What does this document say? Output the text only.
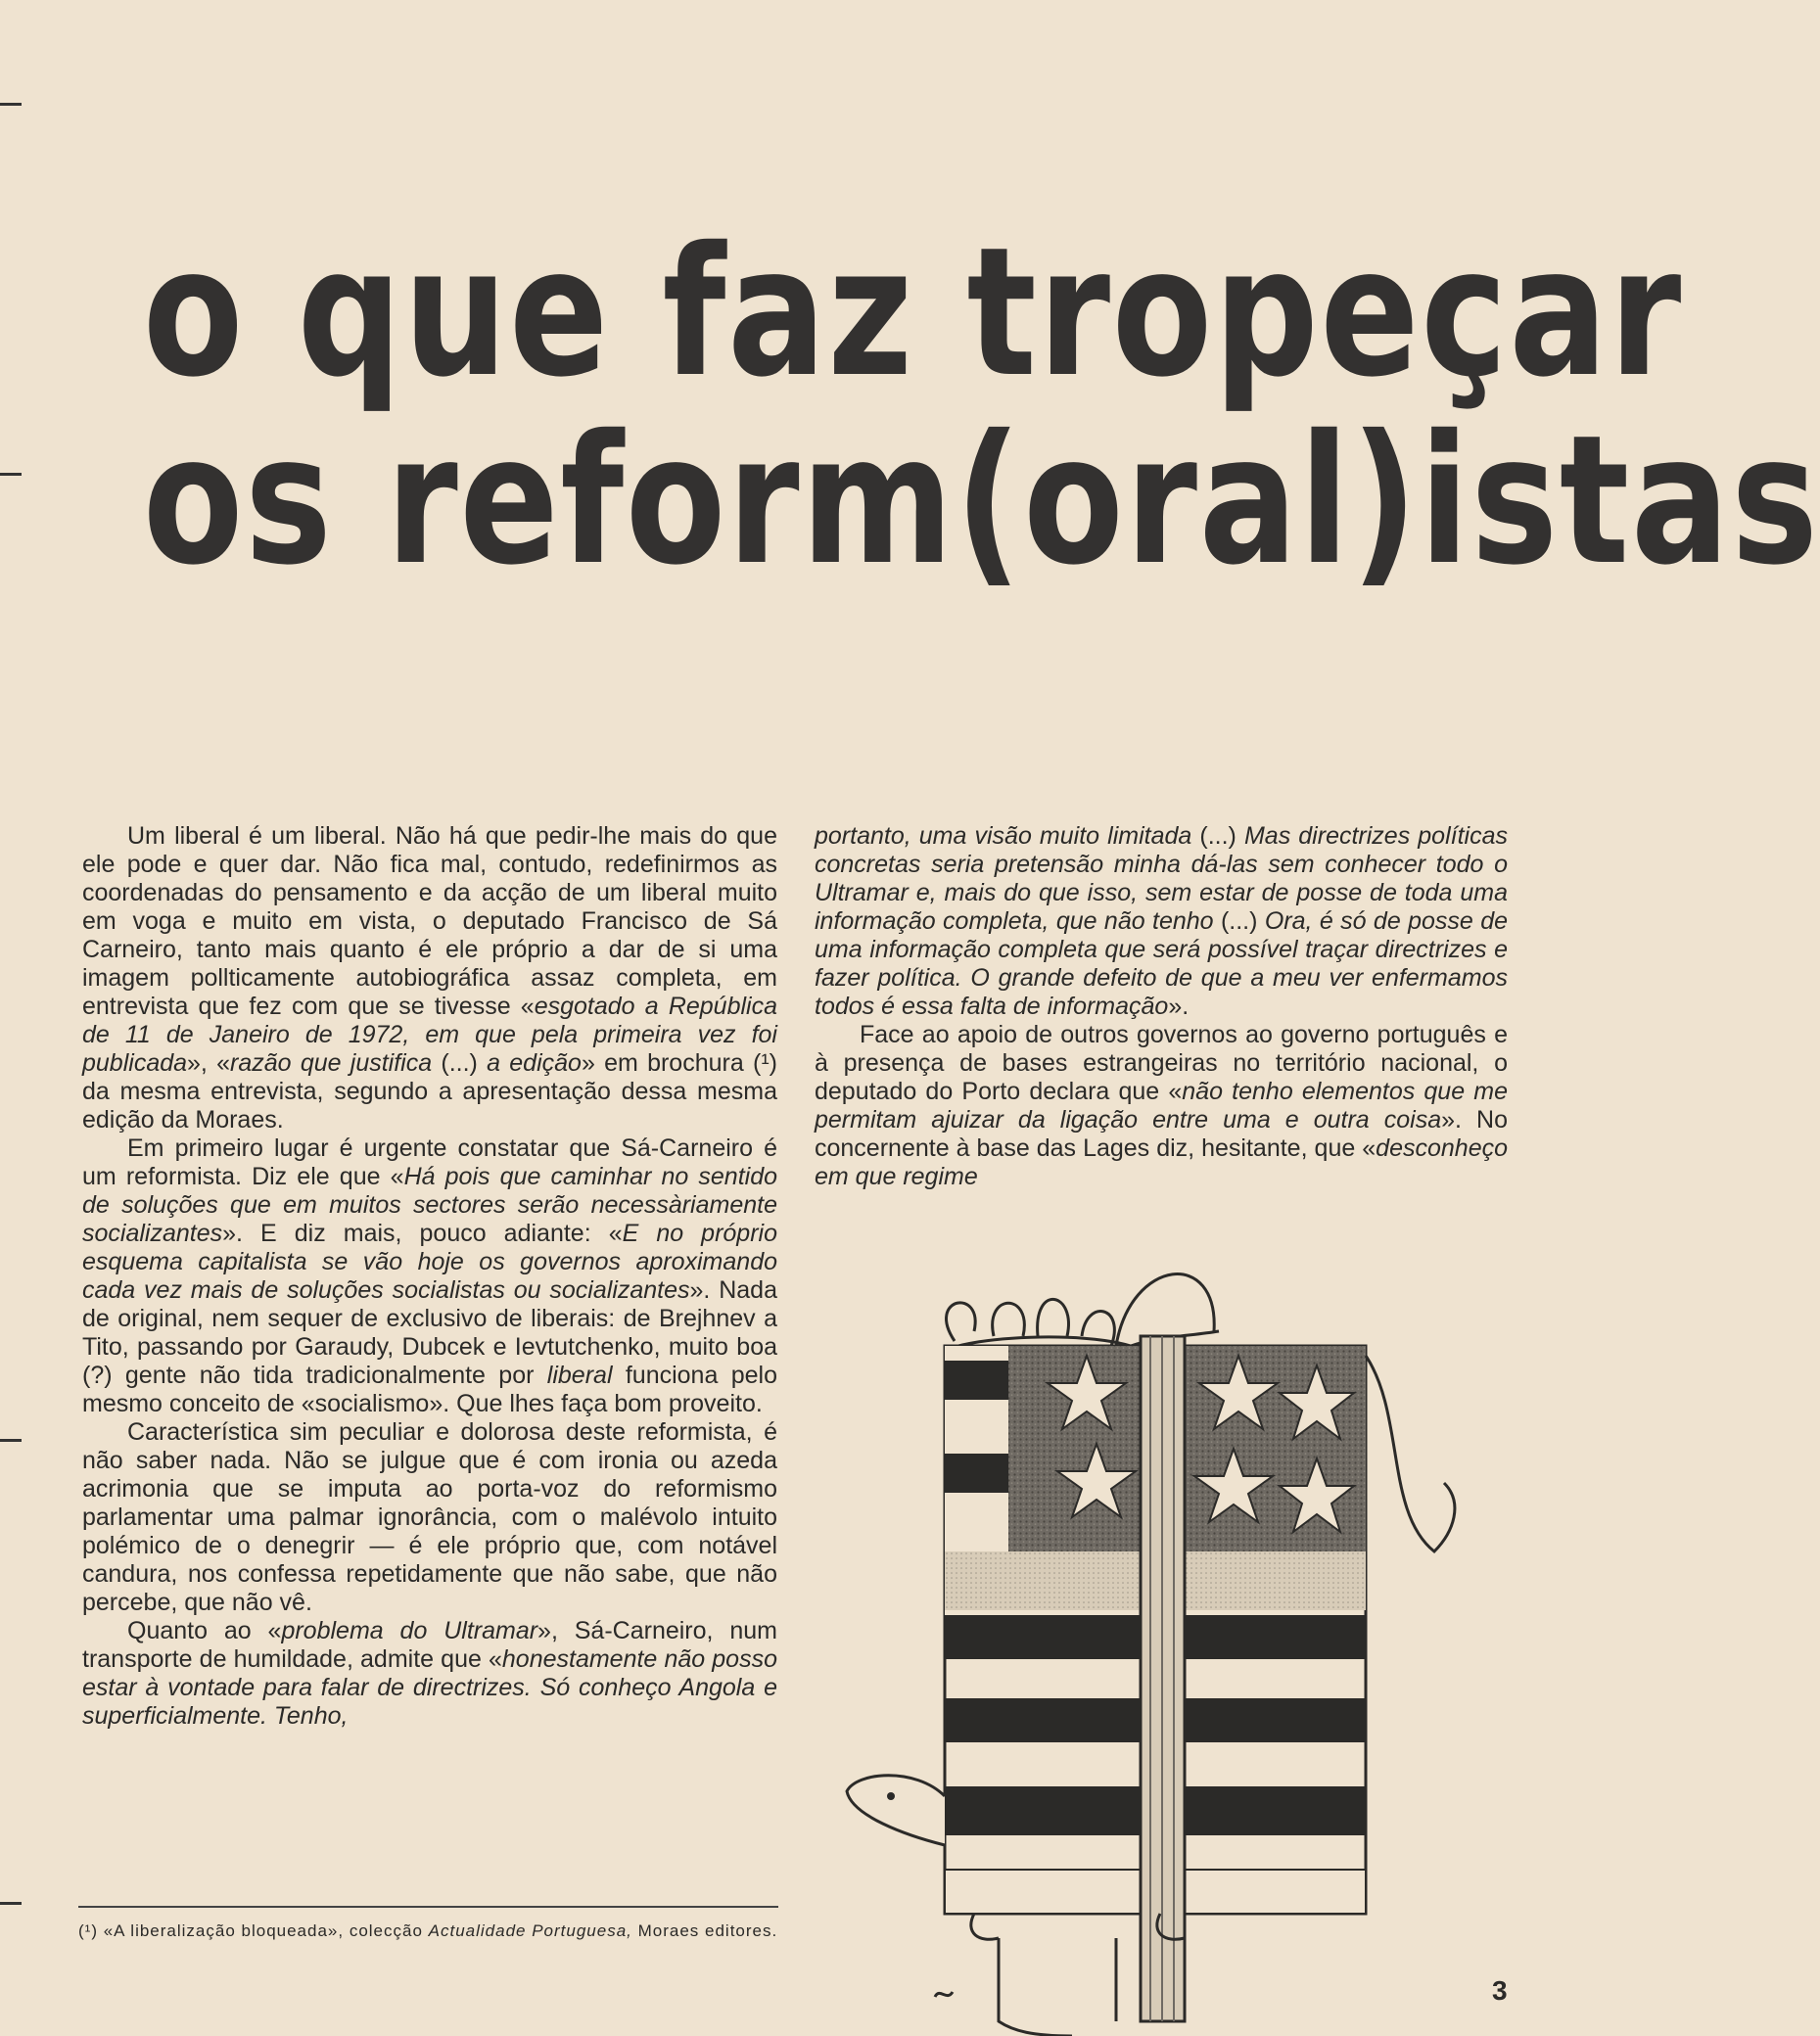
o que faz tropeçar
os reform(oral)istas

Um liberal é um liberal. Não há que pedir-lhe mais do que ele pode e quer dar. Não fica mal, contudo, redefinirmos as coordenadas do pensamento e da acção de um liberal muito em voga e muito em vista, o deputado Francisco de Sá Carneiro, tanto mais quanto é ele próprio a dar de si uma imagem pollticamente autobiográfica assaz completa, em entrevista que fez com que se tivesse «esgotado a República de 11 de Janeiro de 1972, em que pela primeira vez foi publicada», «razão que justifica (...) a edição» em brochura (¹) da mesma entrevista, segundo a apresentação dessa mesma edição da Moraes.

Em primeiro lugar é urgente constatar que Sá-Carneiro é um reformista. Diz ele que «Há pois que caminhar no sentido de soluções que em muitos sectores serão necessàriamente socializantes». E diz mais, pouco adiante: «E no próprio esquema capitalista se vão hoje os governos aproximando cada vez mais de soluções socialistas ou socializantes». Nada de original, nem sequer de exclusivo de liberais: de Brejhnev a Tito, passando por Garaudy, Dubcek e Ievtutchenko, muito boa (?) gente não tida tradicionalmente por liberal funciona pelo mesmo conceito de «socialismo». Que lhes faça bom proveito.

Característica sim peculiar e dolorosa deste reformista, é não saber nada. Não se julgue que é com ironia ou azeda acrimonia que se imputa ao porta-voz do reformismo parlamentar uma palmar ignorância, com o malévolo intuito polémico de o denegrir — é ele próprio que, com notável candura, nos confessa repetidamente que não sabe, que não percebe, que não vê.

Quanto ao «problema do Ultramar», Sá-Carneiro, num transporte de humildade, admite que «honestamente não posso estar à vontade para falar de directrizes. Só conheço Angola e superficialmente. Tenho,

portanto, uma visão muito limitada (...) Mas directrizes políticas concretas seria pretensão minha dá-las sem conhecer todo o Ultramar e, mais do que isso, sem estar de posse de toda uma informação completa, que não tenho (...) Ora, é só de posse de uma informação completa que será possível traçar directrizes e fazer política. O grande defeito de que a meu ver enfermamos todos é essa falta de informação».

Face ao apoio de outros governos ao governo português e à presença de bases estrangeiras no território nacional, o deputado do Porto declara que «não tenho elementos que me permitam ajuizar da ligação entre uma e outra coisa». No concernente à base das Lages diz, hesitante, que «desconheço em que regime

(¹) «A liberalização bloqueada», colecção Actualidade Portuguesa, Moraes editores.
3
